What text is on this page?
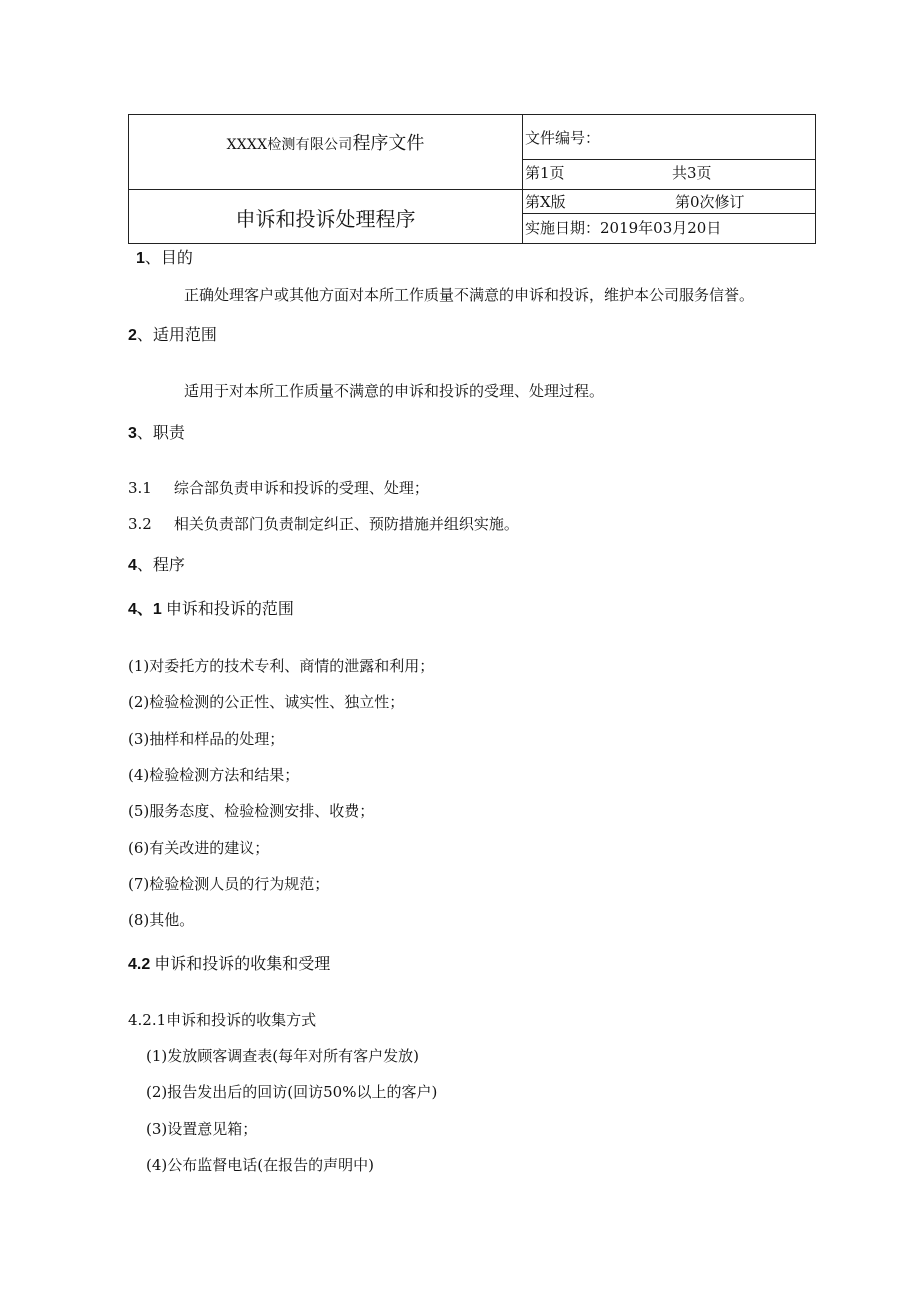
XXXX检测有限公司程序文件
申诉和投诉处理程序
文件编号：
第1页	共3页
第X版	第0次修订
实施日期：2019年03月20日
1、目的
正确处理客户或其他方面对本所工作质量不满意的申诉和投诉，维护本公司服务信誉。
2、适用范围
适用于对本所工作质量不满意的申诉和投诉的受理、处理过程。
3、职责
3.1 综合部负责申诉和投诉的受理、处理；
3.2 相关负责部门负责制定纠正、预防措施并组织实施。
4、程序
4、1 申诉和投诉的范围
(1)对委托方的技术专利、商情的泄露和利用；
(2)检验检测的公正性、诚实性、独立性；
(3)抽样和样品的处理；
(4)检验检测方法和结果；
(5)服务态度、检验检测安排、收费；
(6)有关改进的建议；
(7)检验检测人员的行为规范；
(8)其他。
4.2 申诉和投诉的收集和受理
4.2.1申诉和投诉的收集方式
(1)发放顾客调查表(每年对所有客户发放)
(2)报告发出后的回访(回访50%以上的客户)
(3)设置意见箱；
(4)公布监督电话(在报告的声明中)
